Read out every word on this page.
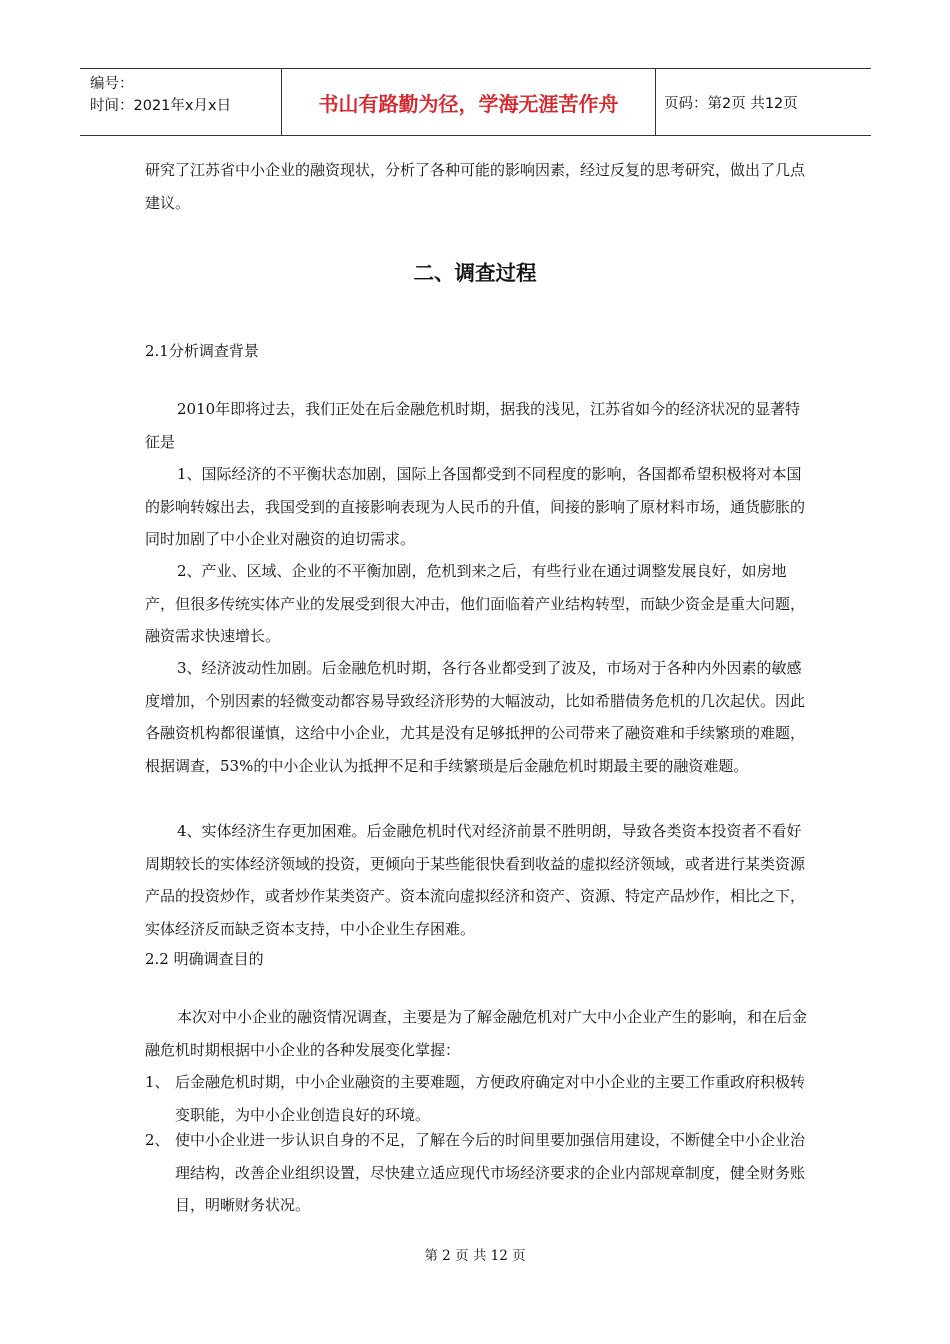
编号：
时间：2021年x月x日	书山有路勤为径，学海无涯苦作舟	页码：第2页 共12页

研究了江苏省中小企业的融资现状，分析了各种可能的影响因素，经过反复的思考研究，做出了几点建议。

二、调查过程
2.1分析调查背景

2010年即将过去，我们正处在后金融危机时期，据我的浅见，江苏省如今的经济状况的显著特征是

1、国际经济的不平衡状态加剧，国际上各国都受到不同程度的影响，各国都希望积极将对本国的影响转嫁出去，我国受到的直接影响表现为人民币的升值，间接的影响了原材料市场，通货膨胀的同时加剧了中小企业对融资的迫切需求。

2、产业、区域、企业的不平衡加剧，危机到来之后，有些行业在通过调整发展良好，如房地产，但很多传统实体产业的发展受到很大冲击，他们面临着产业结构转型，而缺少资金是重大问题，融资需求快速增长。

3、经济波动性加剧。后金融危机时期，各行各业都受到了波及，市场对于各种内外因素的敏感度增加，个别因素的轻微变动都容易导致经济形势的大幅波动，比如希腊债务危机的几次起伏。因此各融资机构都很谨慎，这给中小企业，尤其是没有足够抵押的公司带来了融资难和手续繁琐的难题，根据调查，53%的中小企业认为抵押不足和手续繁琐是后金融危机时期最主要的融资难题。

4、实体经济生存更加困难。后金融危机时代对经济前景不胜明朗，导致各类资本投资者不看好周期较长的实体经济领域的投资，更倾向于某些能很快看到收益的虚拟经济领域，或者进行某类资源产品的投资炒作，或者炒作某类资产。资本流向虚拟经济和资产、资源、特定产品炒作，相比之下，实体经济反而缺乏资本支持，中小企业生存困难。

2.2 明确调查目的

本次对中小企业的融资情况调查，主要是为了解金融危机对广大中小企业产生的影响，和在后金融危机时期根据中小企业的各种发展变化掌握：

1、 后金融危机时期，中小企业融资的主要难题，方便政府确定对中小企业的主要工作重政府积极转变职能，为中小企业创造良好的环境。
2、 使中小企业进一步认识自身的不足，了解在今后的时间里要加强信用建设，不断健全中小企业治理结构，改善企业组织设置，尽快建立适应现代市场经济要求的企业内部规章制度，健全财务账目，明晰财务状况。
第 2 页 共 12 页
